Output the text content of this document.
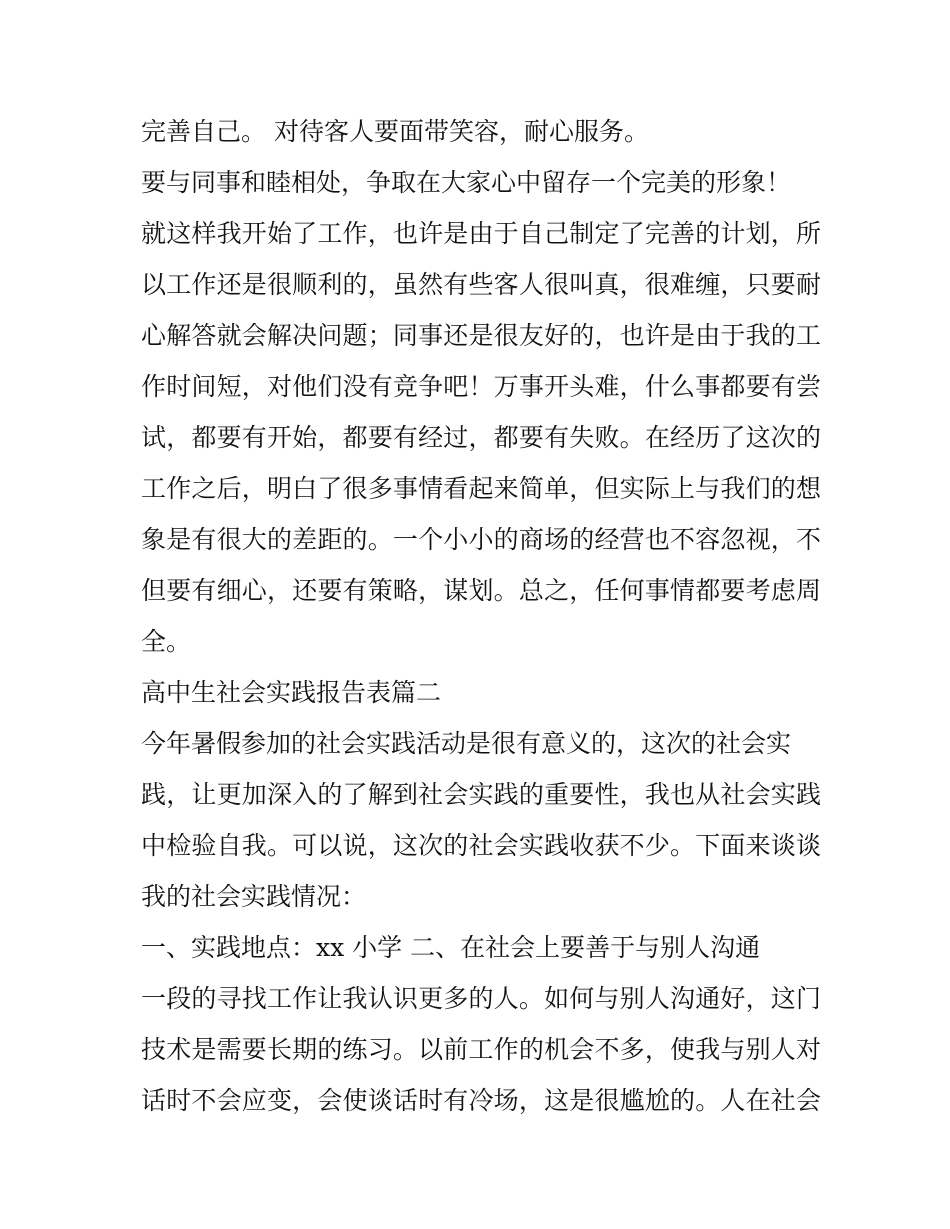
完善自己。 对待客人要面带笑容，耐心服务。
要与同事和睦相处，争取在大家心中留存一个完美的形象！
就这样我开始了工作，也许是由于自己制定了完善的计划，所
以工作还是很顺利的，虽然有些客人很叫真，很难缠，只要耐
心解答就会解决问题；同事还是很友好的，也许是由于我的工
作时间短，对他们没有竞争吧！万事开头难，什么事都要有尝
试，都要有开始，都要有经过，都要有失败。在经历了这次的
工作之后，明白了很多事情看起来简单，但实际上与我们的想
象是有很大的差距的。一个小小的商场的经营也不容忽视，不
但要有细心，还要有策略，谋划。总之，任何事情都要考虑周
全。
高中生社会实践报告表篇二
今年暑假参加的社会实践活动是很有意义的，这次的社会实
践，让更加深入的了解到社会实践的重要性，我也从社会实践
中检验自我。可以说，这次的社会实践收获不少。下面来谈谈
我的社会实践情况：
一、实践地点：xx 小学 二、在社会上要善于与别人沟通
一段的寻找工作让我认识更多的人。如何与别人沟通好，这门
技术是需要长期的练习。以前工作的机会不多，使我与别人对
话时不会应变，会使谈话时有冷场，这是很尴尬的。人在社会
